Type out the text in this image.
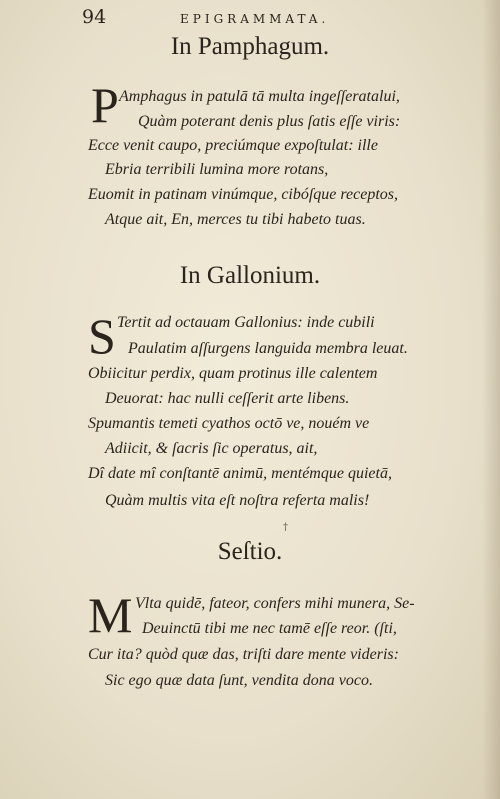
94	EPIGRAMMATA.
In Pamphagum.
P Amphagus in patulā tā multa ingeſſeratalui,
Quàm poterant denis plus ſatis eſſe viris:
Ecce venit caupo, preciúmque expoſtulat: ille
Ebria terribili lumina more rotans,
Euomit in patinam vinúmque, cibóſque receptos,
Atque ait, En, merces tu tibi habeto tuas.
In Gallonium.
S Tertit ad octauam Gallonius: inde cubili
Paulatim aſſurgens languida membra leuat.
Obiicitur perdix, quam protinus ille calentem
Deuorat: hac nulli ceſſerit arte libens.
Spumantis temeti cyathos octō ve, nouém ve
Adiicit, & ſacris ſic operatus, ait,
Dî date mî conſtantē animū, mentémque quietā,
Quàm multis vita eſt noſtra referta malis!
†
Seſtio.
M Vlta quidē, fateor, confers mihi munera, Se-
Deuinctū tibi me nec tamē eſſe reor. (ſti,
Cur ita? quòd quæ das, triſti dare mente videris:
Sic ego quæ data ſunt, vendita dona voco.
